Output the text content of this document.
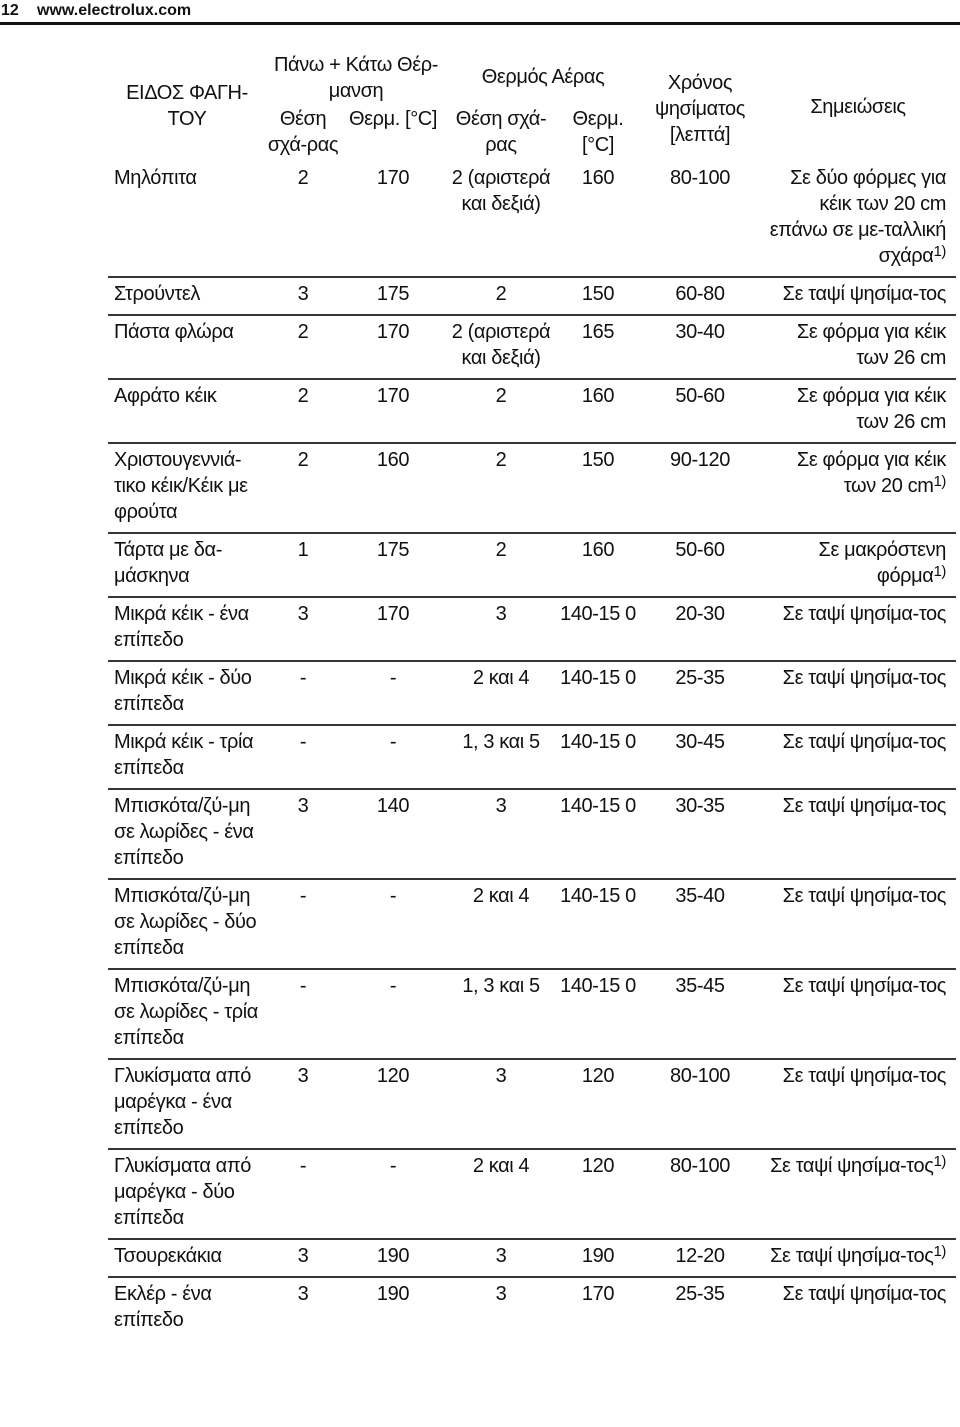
12 www.electrolux.com
ΕΙΔΟΣ ΦΑΓΗ-ΤΟΥ	Πάνω + Κάτω Θέρ-μανση		Θερμός Αέρας		Χρόνος ψησίματος [λεπτά]	Σημειώσεις
	Θέση σχά-ρας	Θερμ. [°C]	Θέση σχά-ρας	Θερμ. [°C]		
Μηλόπιτα	2	170	2 (αριστερά και δεξιά)	160	80-100	Σε δύο φόρμες για κέικ των 20 cm επάνω σε με-ταλλική σχάρα$^{1)}$
Στρούντελ	3	175	2	150	60-80	Σε ταψί ψησίμα-τος
Πάστα φλώρα	2	170	2 (αριστερά και δεξιά)	165	30-40	Σε φόρμα για κέικ των 26 cm
Αφράτο κέικ	2	170	2	160	50-60	Σε φόρμα για κέικ των 26 cm
Χριστουγεννιά-τικο κέικ/Κέικ με φρούτα	2	160	2	150	90-120	Σε φόρμα για κέικ των 20 $cm^{1)}$
Τάρτα με δα-μάσκηνα	1	175	2	160	50-60	Σε μακρόστενη φόρμα$^{1)}$
Μικρά κέικ - ένα επίπεδο	3	170	3	140-15 0	20-30	Σε ταψί ψησίμα-τος
Μικρά κέικ - δύο επίπεδα	-	-	2 και 4	140-15 0	25-35	Σε ταψί ψησίμα-τος
Μικρά κέικ - τρία επίπεδα	-	-	1, 3 και 5	140-15 0	30-45	Σε ταψί ψησίμα-τος
Μπισκότα/ζύ-μη σε λωρίδες - ένα επίπεδο	3	140	3	140-15 0	30-35	Σε ταψί ψησίμα-τος
Μπισκότα/ζύ-μη σε λωρίδες - δύο επίπεδα	-	-	2 και 4	140-15 0	35-40	Σε ταψί ψησίμα-τος
Μπισκότα/ζύ-μη σε λωρίδες - τρία επίπεδα	-	-	1, 3 και 5	140-15 0	35-45	Σε ταψί ψησίμα-τος
Γλυκίσματα από μαρέγκα - ένα επίπεδο	3	120	3	120	80-100	Σε ταψί ψησίμα-τος
Γλυκίσματα από μαρέγκα - δύο επίπεδα	-	-	2 και 4	120	80-100	Σε ταψί ψησίμα-τος$^{1)}$
Τσουρεκάκια	3	190	3	190	12-20	Σε ταψί ψησίμα-τος$^{1)}$
Εκλέρ - ένα επίπεδο	3	190	3	170	25-35	Σε ταψί ψησίμα-τος
